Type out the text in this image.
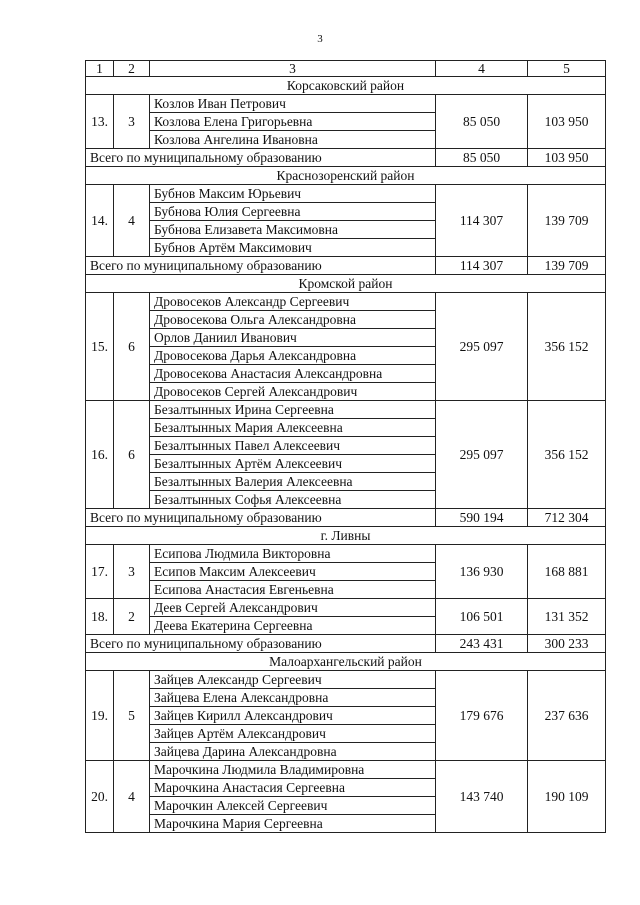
3
1	2	3	4	5
Корсаковский район				
13.	3	Козлов Иван Петрович	85 050	103 950
		Козлова Елена Григорьевна		
		Козлова Ангелина Ивановна		
Всего по муниципальному образованию			85 050	103 950
Краснозоренский район				
14.	4	Бубнов Максим Юрьевич	114 307	139 709
		Бубнова Юлия Сергеевна		
		Бубнова Елизавета Максимовна		
		Бубнов Артём Максимович		
Всего по муниципальному образованию			114 307	139 709
Кромской район				
15.	6	Дровосеков Александр Сергеевич	295 097	356 152
		Дровосекова Ольга Александровна		
		Орлов Даниил Иванович		
		Дровосекова Дарья Александровна		
		Дровосекова Анастасия Александровна		
		Дровосеков Сергей Александрович		
16.	6	Безалтынных Ирина Сергеевна	295 097	356 152
		Безалтынных Мария Алексеевна		
		Безалтынных Павел Алексеевич		
		Безалтынных Артём Алексеевич		
		Безалтынных Валерия Алексеевна		
		Безалтынных Софья Алексеевна		
Всего по муниципальному образованию			590 194	712 304
г. Ливны				
17.	3	Есипова Людмила Викторовна	136 930	168 881
		Есипов Максим Алексеевич		
		Есипова Анастасия Евгеньевна		
18.	2	Деев Сергей Александрович	106 501	131 352
		Деева Екатерина Сергеевна		
Всего по муниципальному образованию			243 431	300 233
Малоархангельский район				
19.	5	Зайцев Александр Сергеевич	179 676	237 636
		Зайцева Елена Александровна		
		Зайцев Кирилл Александрович		
		Зайцев Артём Александрович		
		Зайцева Дарина Александровна		
20.	4	Марочкина Людмила Владимировна	143 740	190 109
		Марочкина Анастасия Сергеевна		
		Марочкин Алексей Сергеевич		
		Марочкина Мария Сергеевна		
